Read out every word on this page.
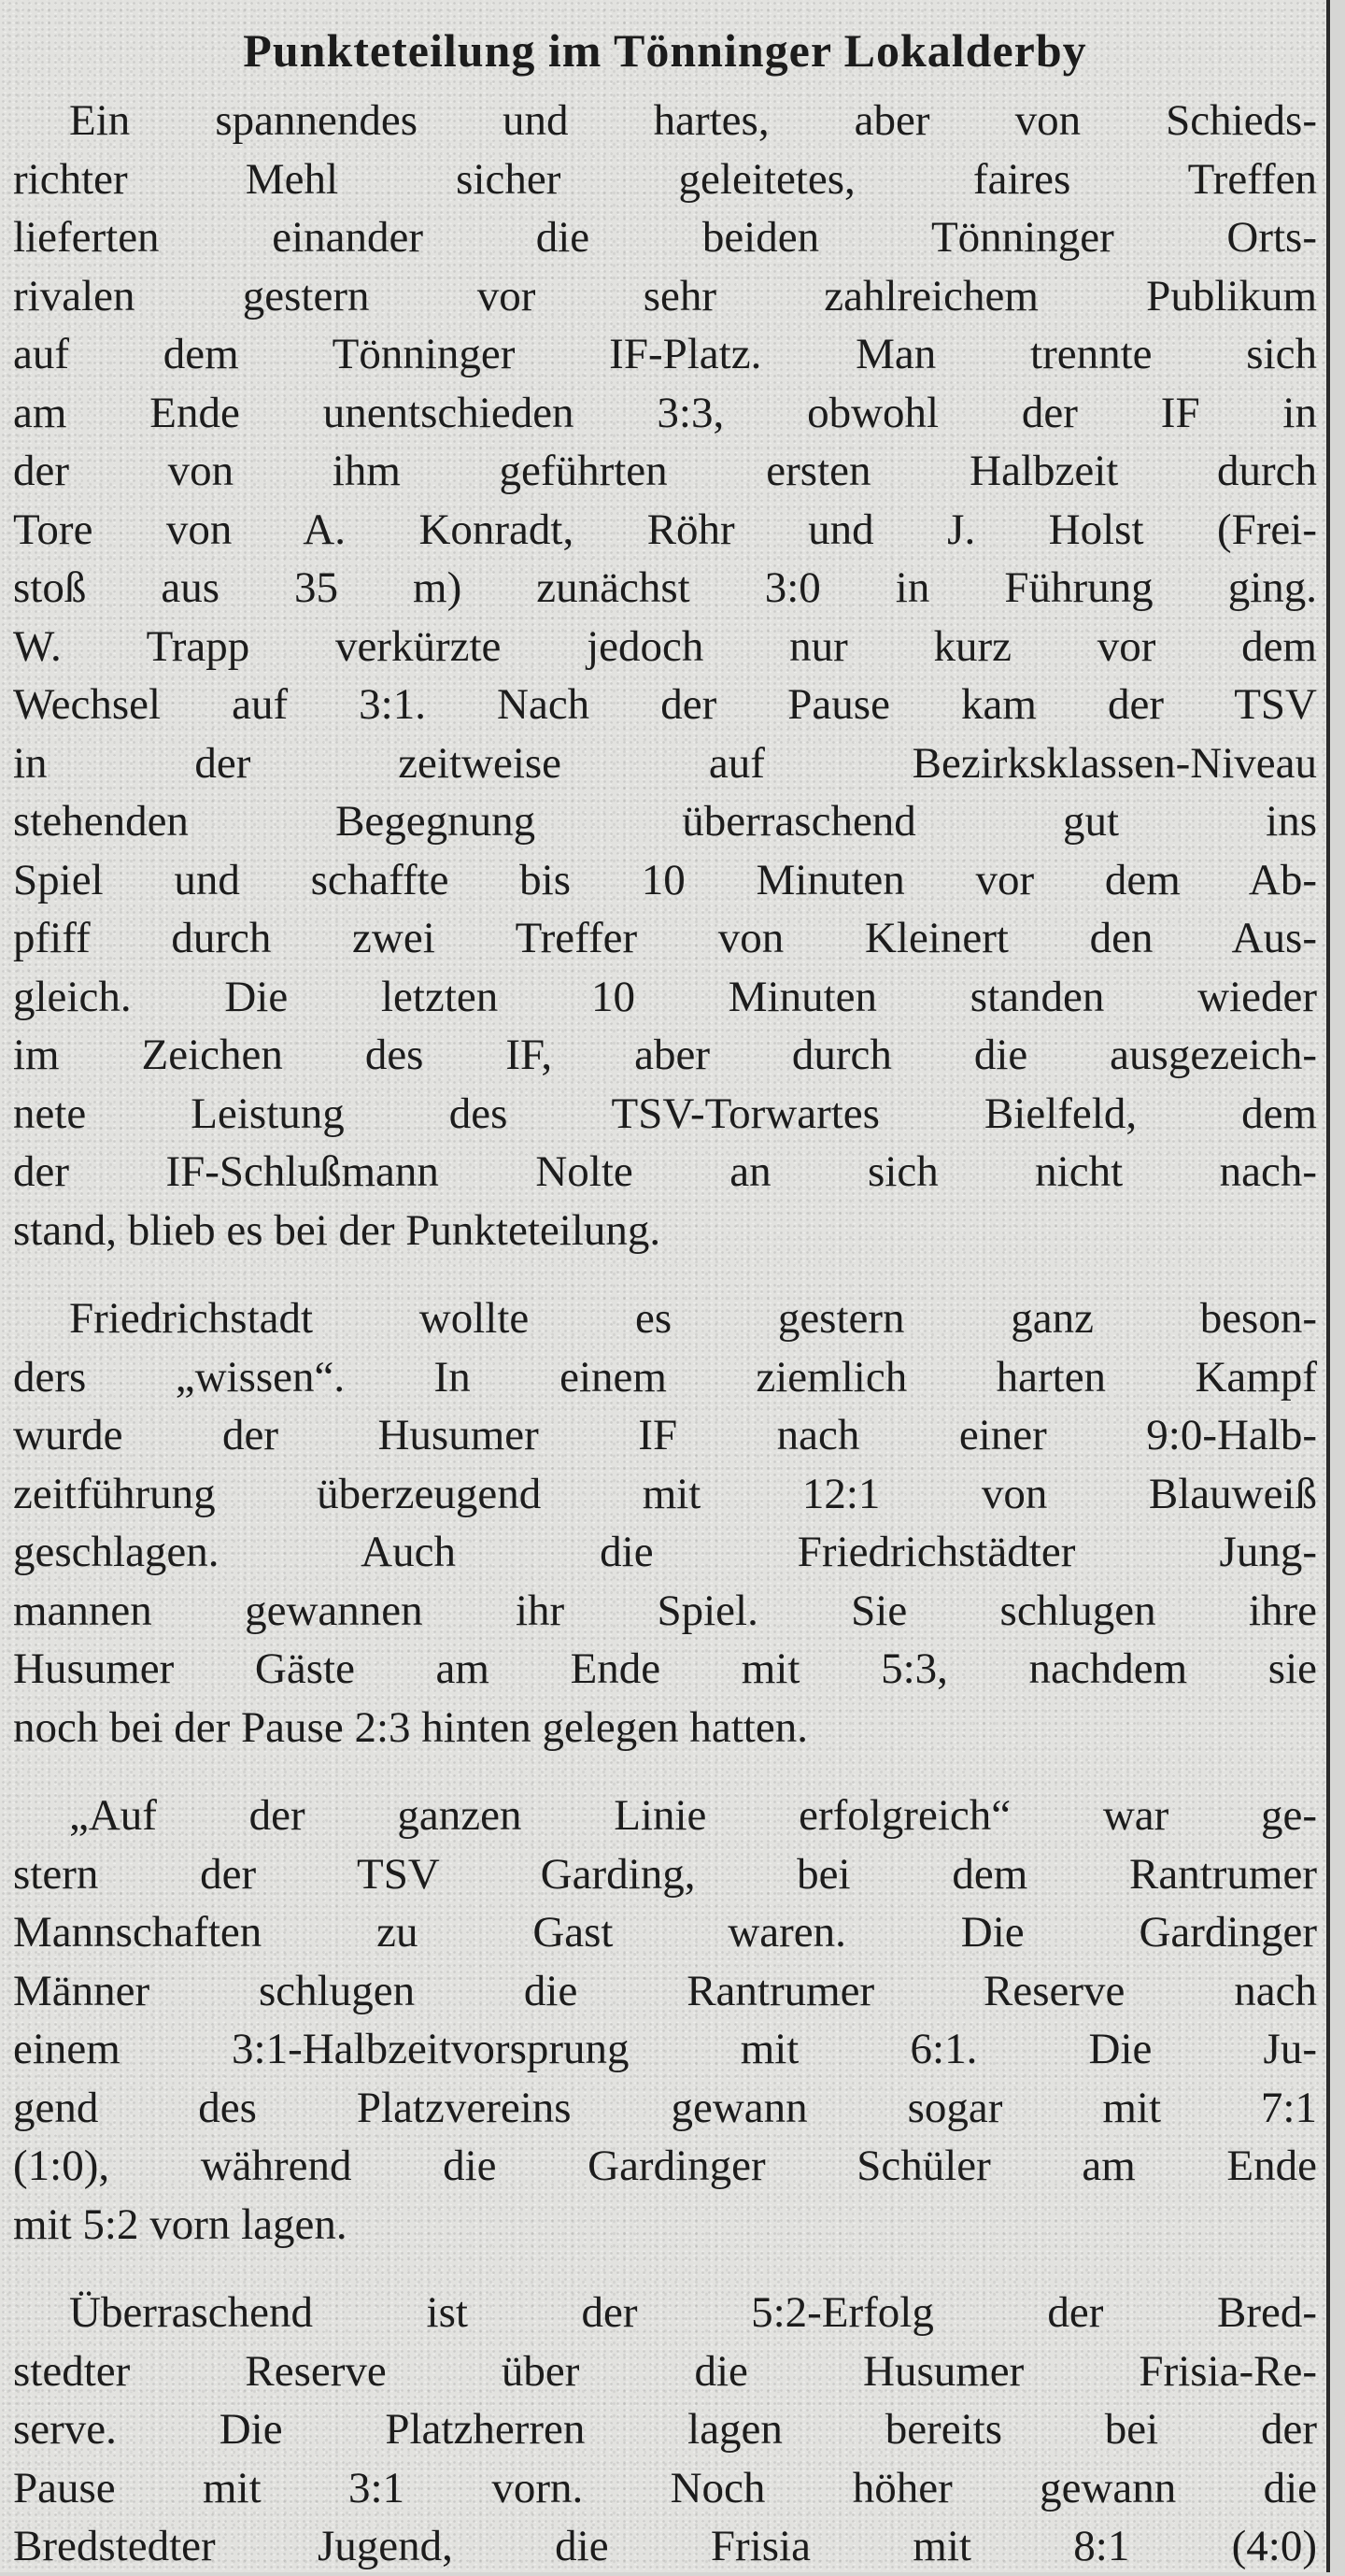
Punkteteilung im Tönninger Lokalderby
Ein spannendes und hartes, aber von Schieds-
richter Mehl sicher geleitetes, faires Treffen
lieferten einander die beiden Tönninger Orts-
rivalen gestern vor sehr zahlreichem Publikum
auf dem Tönninger IF-Platz. Man trennte sich
am Ende unentschieden 3:3, obwohl der IF in
der von ihm geführten ersten Halbzeit durch
Tore von A. Konradt, Röhr und J. Holst (Frei-
stoß aus 35 m) zunächst 3:0 in Führung ging.
W. Trapp verkürzte jedoch nur kurz vor dem
Wechsel auf 3:1. Nach der Pause kam der TSV
in der zeitweise auf Bezirksklassen-Niveau
stehenden Begegnung überraschend gut ins
Spiel und schaffte bis 10 Minuten vor dem Ab-
pfiff durch zwei Treffer von Kleinert den Aus-
gleich. Die letzten 10 Minuten standen wieder
im Zeichen des IF, aber durch die ausgezeich-
nete Leistung des TSV-Torwartes Bielfeld, dem
der IF-Schlußmann Nolte an sich nicht nach-
stand, blieb es bei der Punkteteilung.
Friedrichstadt wollte es gestern ganz beson-
ders „wissen“. In einem ziemlich harten Kampf
wurde der Husumer IF nach einer 9:0-Halb-
zeitführung überzeugend mit 12:1 von Blauweiß
geschlagen. Auch die Friedrichstädter Jung-
mannen gewannen ihr Spiel. Sie schlugen ihre
Husumer Gäste am Ende mit 5:3, nachdem sie
noch bei der Pause 2:3 hinten gelegen hatten.
„Auf der ganzen Linie erfolgreich“ war ge-
stern der TSV Garding, bei dem Rantrumer
Mannschaften zu Gast waren. Die Gardinger
Männer schlugen die Rantrumer Reserve nach
einem 3:1-Halbzeitvorsprung mit 6:1. Die Ju-
gend des Platzvereins gewann sogar mit 7:1
(1:0), während die Gardinger Schüler am Ende
mit 5:2 vorn lagen.
Überraschend ist der 5:2-Erfolg der Bred-
stedter Reserve über die Husumer Frisia-Re-
serve. Die Platzherren lagen bereits bei der
Pause mit 3:1 vorn. Noch höher gewann die
Bredstedter Jugend, die Frisia mit 8:1 (4:0)
